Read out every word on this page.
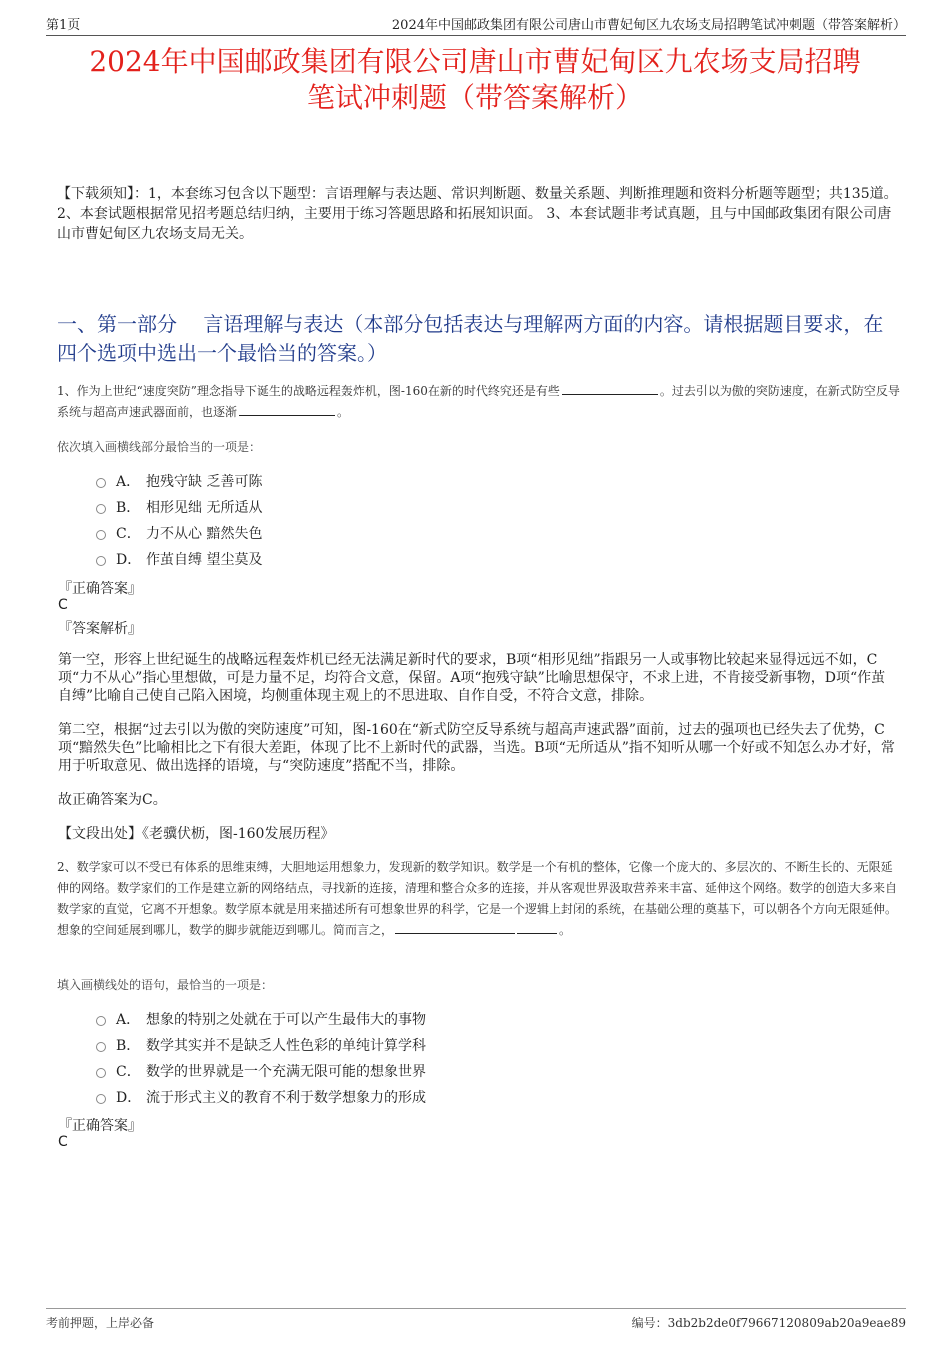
第1页	2024年中国邮政集团有限公司唐山市曹妃甸区九农场支局招聘笔试冲刺题（带答案解析）
2024年中国邮政集团有限公司唐山市曹妃甸区九农场支局招聘
笔试冲刺题（带答案解析）
【下载须知】：1，本套练习包含以下题型：言语理解与表达题、常识判断题、数量关系题、判断推理题和资料分析题等题型；共135道。 2、本套试题根据常见招考题总结归纳，主要用于练习答题思路和拓展知识面。 3、本套试题非考试真题，且与中国邮政集团有限公司唐山市曹妃甸区九农场支局无关。
一、第一部分　 言语理解与表达（本部分包括表达与理解两方面的内容。请根据题目要求，在四个选项中选出一个最恰当的答案。）
1、作为上世纪“速度突防”理念指导下诞生的战略远程轰炸机，图-160在新的时代终究还是有些	。过去引以为傲的突防速度，在新式防空反导系统与超高声速武器面前，也逐渐	。
依次填入画横线部分最恰当的一项是：
A． 抱残守缺 乏善可陈
B． 相形见绌 无所适从
C． 力不从心 黯然失色
D． 作茧自缚 望尘莫及
『正确答案』
C
『答案解析』
第一空，形容上世纪诞生的战略远程轰炸机已经无法满足新时代的要求，B项“相形见绌”指跟另一人或事物比较起来显得远远不如，C项“力不从心”指心里想做，可是力量不足，均符合文意，保留。A项“抱残守缺”比喻思想保守，不求上进，不肯接受新事物，D项“作茧自缚”比喻自己使自己陷入困境，均侧重体现主观上的不思进取、自作自受，不符合文意，排除。
第二空，根据“过去引以为傲的突防速度”可知，图-160在“新式防空反导系统与超高声速武器”面前，过去的强项也已经失去了优势，C项“黯然失色”比喻相比之下有很大差距，体现了比不上新时代的武器，当选。B项“无所适从”指不知听从哪一个好或不知怎么办才好，常用于听取意见、做出选择的语境，与“突防速度”搭配不当，排除。
故正确答案为C。
【文段出处】《老骥伏枥，图-160发展历程》
2、数学家可以不受已有体系的思维束缚，大胆地运用想象力，发现新的数学知识。数学是一个有机的整体，它像一个庞大的、多层次的、不断生长的、无限延伸的网络。数学家们的工作是建立新的网络结点，寻找新的连接，清理和整合众多的连接，并从客观世界汲取营养来丰富、延伸这个网络。数学的创造大多来自数学家的直觉，它离不开想象。数学原本就是用来描述所有可想象世界的科学，它是一个逻辑上封闭的系统，在基础公理的奠基下，可以朝各个方向无限延伸。想象的空间延展到哪儿，数学的脚步就能迈到哪儿。简而言之，	。
填入画横线处的语句，最恰当的一项是：
A． 想象的特别之处就在于可以产生最伟大的事物
B． 数学其实并不是缺乏人性色彩的单纯计算学科
C． 数学的世界就是一个充满无限可能的想象世界
D． 流于形式主义的教育不利于数学想象力的形成
『正确答案』
C
考前押题，上岸必备	编号：3db2b2de0f79667120809ab20a9eae89
